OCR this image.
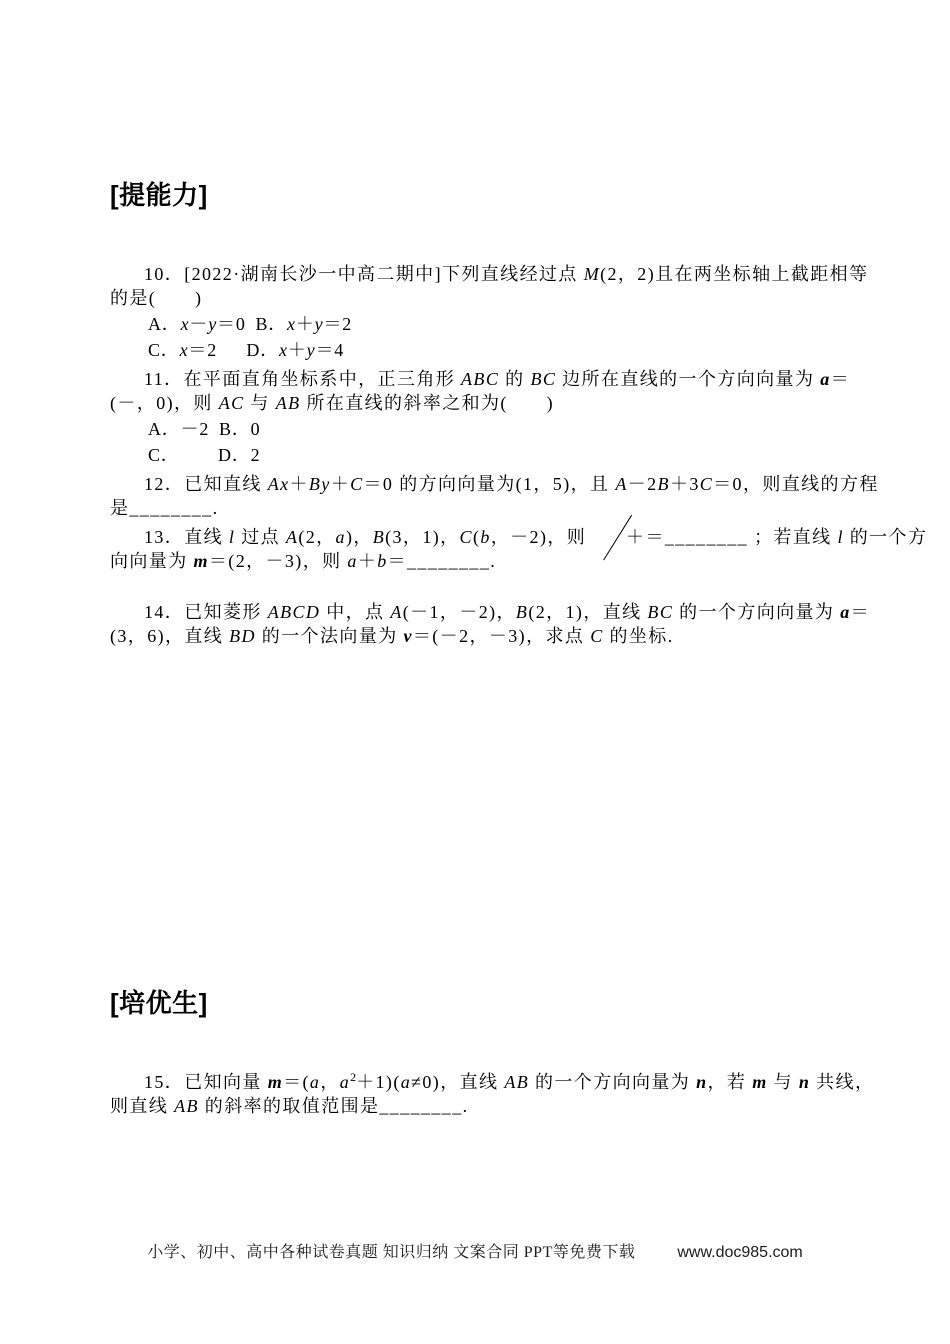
[提能力]
10．[2022·湖南长沙一中高二期中]下列直线经过点 M(2，2)且在两坐标轴上截距相等
的是(　　)
A．x－y＝0  B．x＋y＝2
C．x＝2    D．x＋y＝4
11．在平面直角坐标系中，正三角形 ABC 的 BC 边所在直线的一个方向向量为 a＝
(－，0)，则 AC 与 AB 所在直线的斜率之和为(　　)
A．－2  B．0
C．    D．2
12．已知直线 Ax＋By＋C＝0 的方向向量为(1，5)，且 A－2B＋3C＝0，则直线的方程
是________.
13．直线 l 过点 A(2，a)，B(3，1)，C(b，－2)，则 ＋＝________ ；若直线 l 的一个方
向向量为 m＝(2，－3)，则 a＋b＝________.
14．已知菱形 ABCD 中，点 A(－1，－2)，B(2，1)，直线 BC 的一个方向向量为 a＝
(3，6)，直线 BD 的一个法向量为 v＝(－2，－3)，求点 C 的坐标.
[培优生]
15．已知向量 m＝(a，$a^2+1)(a\ne 0)$，直线 AB 的一个方向向量为 n，若 m 与 n 共线，
则直线 AB 的斜率的取值范围是________.
小学、初中、高中各种试卷真题 知识归纳 文案合同 PPT等免费下载	www.doc985.com
